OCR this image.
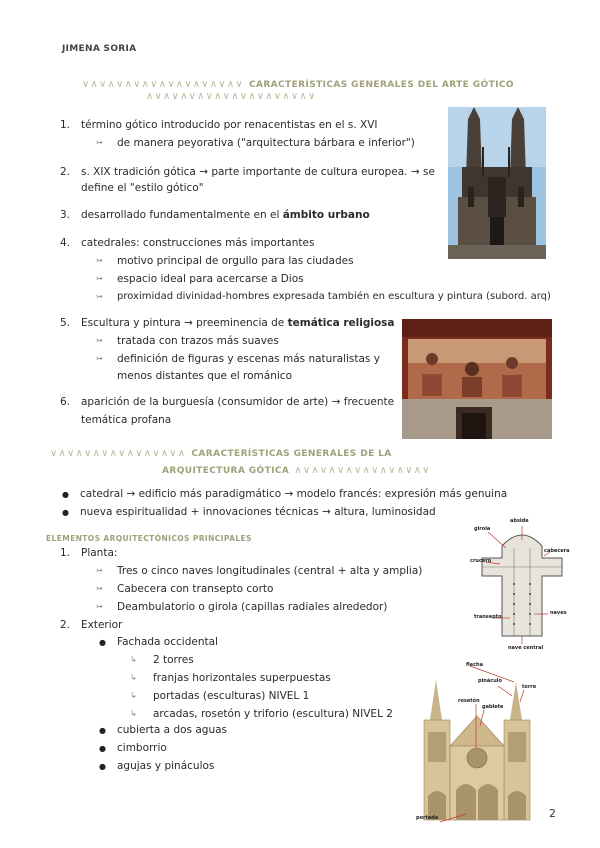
JIMENA SORIA
∨∧∨∧∨∧∨∧∨∧∨∧∨∧∨∧∨∧∨ CARACTERÍSTICAS GENERALES DEL ARTE GÓTICO
∧∨∧∨∧∨∧∨∧∨∧∨∧∨∧∨∧∨∧∨
1. término gótico introducido por renacentistas en el s. XVI
↣ de manera peyorativa ("arquitectura bárbara e inferior")
2. s. XIX tradición gótica → parte importante de cultura europea. → se
define el "estilo gótico"
3. desarrollado fundamentalmente en el ámbito urbano
4. catedrales: construcciones más importantes
↣ motivo principal de orgullo para las ciudades
↣ espacio ideal para acercarse a Dios
↣ proximidad divinidad-hombres expresada también en escultura y pintura (subord. arq)
5. Escultura y pintura → preeminencia de temática religiosa
↣ tratada con trazos más suaves
↣ definición de figuras y escenas más naturalistas y
menos distantes que el románico
6. aparición de la burguesía (consumidor de arte) → frecuente
temática profana
∨∧∨∧∨∧∨∧∨∧∨∧∨∧∨∧ CARACTERÍSTICAS GENERALES DE LA
ARQUITECTURA GÓTICA ∧∨∧∨∧∨∧∨∧∨∧∨∧∨∧∨
● catedral → edificio más paradigmático → modelo francés: expresión más genuina
● nueva espiritualidad + innovaciones técnicas → altura, luminosidad
ELEMENTOS ARQUITECTÓNICOS PRINCIPALES
1. Planta:
↣ Tres o cinco naves longitudinales (central + alta y amplia)
↣ Cabecera con transepto corto
↣ Deambulatorio o girola (capillas radiales alrededor)
2. Exterior
● Fachada occidental
↳ 2 torres
↳ franjas horizontales superpuestas
↳ portadas (esculturas) NIVEL 1
↳ arcadas, rosetón y triforio (escultura) NIVEL 2
● cubierta a dos aguas
● cimborrio
● agujas y pináculos
abside
girola
cabecera
crucero
naves
transepto
nave central
flecha
pináculo
torre
rosetón
gablete
portada	2
